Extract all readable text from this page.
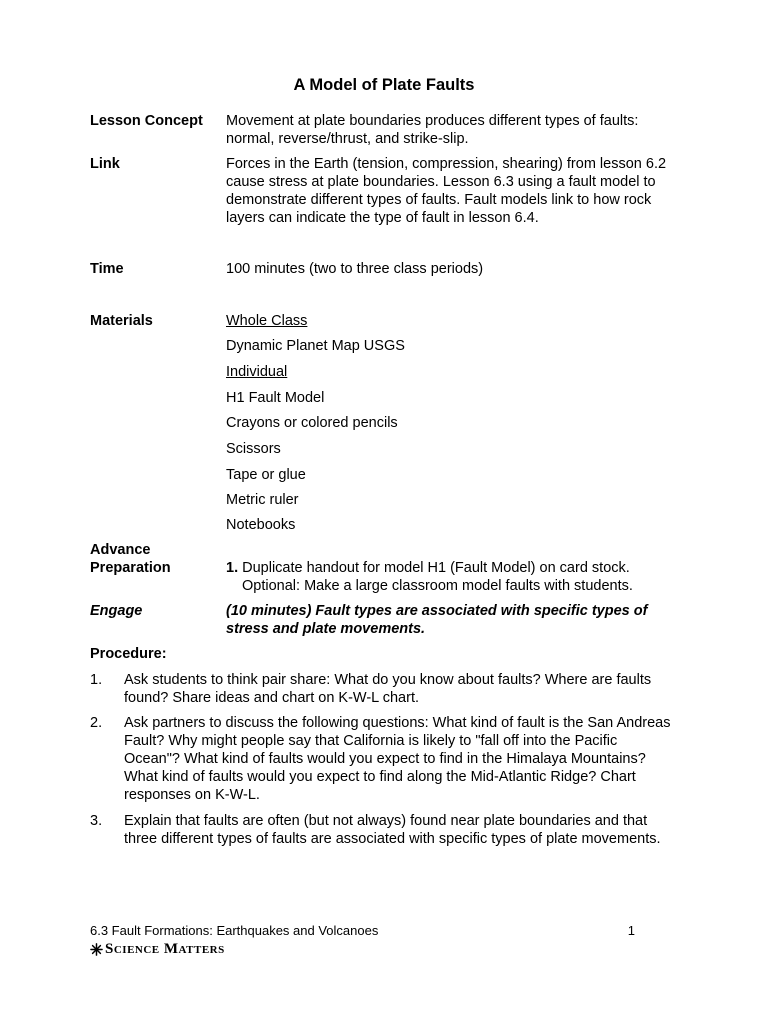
A Model of Plate Faults
Lesson Concept	Movement at plate boundaries produces different types of faults:
normal, reverse/thrust, and strike-slip.
Link	Forces in the Earth (tension, compression, shearing) from lesson 6.2
cause stress at plate boundaries. Lesson 6.3 using a fault model to
demonstrate different types of faults. Fault models link to how rock
layers can indicate the type of fault in lesson 6.4.
Time	100 minutes (two to three class periods)
Materials	Whole Class
Dynamic Planet Map USGS
Individual
H1 Fault Model
Crayons or colored pencils
Scissors
Tape or glue
Metric ruler
Notebooks
Advance
Preparation	1. Duplicate handout for model H1 (Fault Model) on card stock.
Optional: Make a large classroom model faults with students.
Engage	(10 minutes) Fault types are associated with specific types of
stress and plate movements.
Procedure:
1. Ask students to think pair share: What do you know about faults? Where are faults
found? Share ideas and chart on K-W-L chart.
2. Ask partners to discuss the following questions: What kind of fault is the San Andreas
Fault? Why might people say that California is likely to "fall off into the Pacific
Ocean"? What kind of faults would you expect to find in the Himalaya Mountains?
What kind of faults would you expect to find along the Mid-Atlantic Ridge? Chart
responses on K-W-L.
3. Explain that faults are often (but not always) found near plate boundaries and that
three different types of faults are associated with specific types of plate movements.
6.3 Fault Formations: Earthquakes and Volcanoes	1
Science Matters
